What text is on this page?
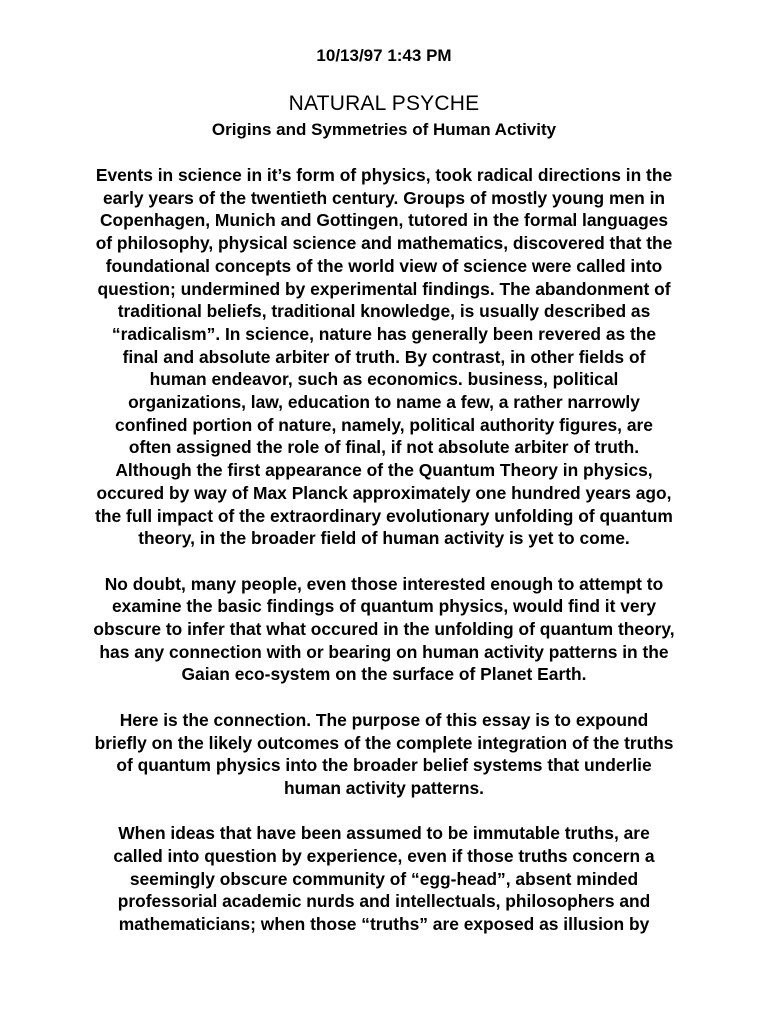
10/13/97 1:43 PM
NATURAL PSYCHE
Origins and Symmetries of Human Activity
Events in science in it’s form of physics, took radical directions in the
early years of the twentieth century. Groups of mostly young men in
Copenhagen, Munich and Gottingen, tutored in the formal languages
of philosophy, physical science and mathematics, discovered that the
foundational concepts of the world view of science were called into
question; undermined by experimental findings. The abandonment of
traditional beliefs, traditional knowledge, is usually described as
“radicalism”. In science, nature has generally been revered as the
final and absolute arbiter of truth. By contrast, in other fields of
human endeavor, such as economics. business, political
organizations, law, education to name a few, a rather narrowly
confined portion of nature, namely, political authority figures, are
often assigned the role of final, if not absolute arbiter of truth.
Although the first appearance of the Quantum Theory in physics,
occured by way of Max Planck approximately one hundred years ago,
the full impact of the extraordinary evolutionary unfolding of quantum
theory, in the broader field of human activity is yet to come.
No doubt, many people, even those interested enough to attempt to
examine the basic findings of quantum physics, would find it very
obscure to infer that what occured in the unfolding of quantum theory,
has any connection with or bearing on human activity patterns in the
Gaian eco-system on the surface of Planet Earth.
Here is the connection. The purpose of this essay is to expound
briefly on the likely outcomes of the complete integration of the truths
of quantum physics into the broader belief systems that underlie
human activity patterns.
When ideas that have been assumed to be immutable truths, are
called into question by experience, even if those truths concern a
seemingly obscure community of “egg-head”, absent minded
professorial academic nurds and intellectuals, philosophers and
mathematicians; when those “truths” are exposed as illusion by
